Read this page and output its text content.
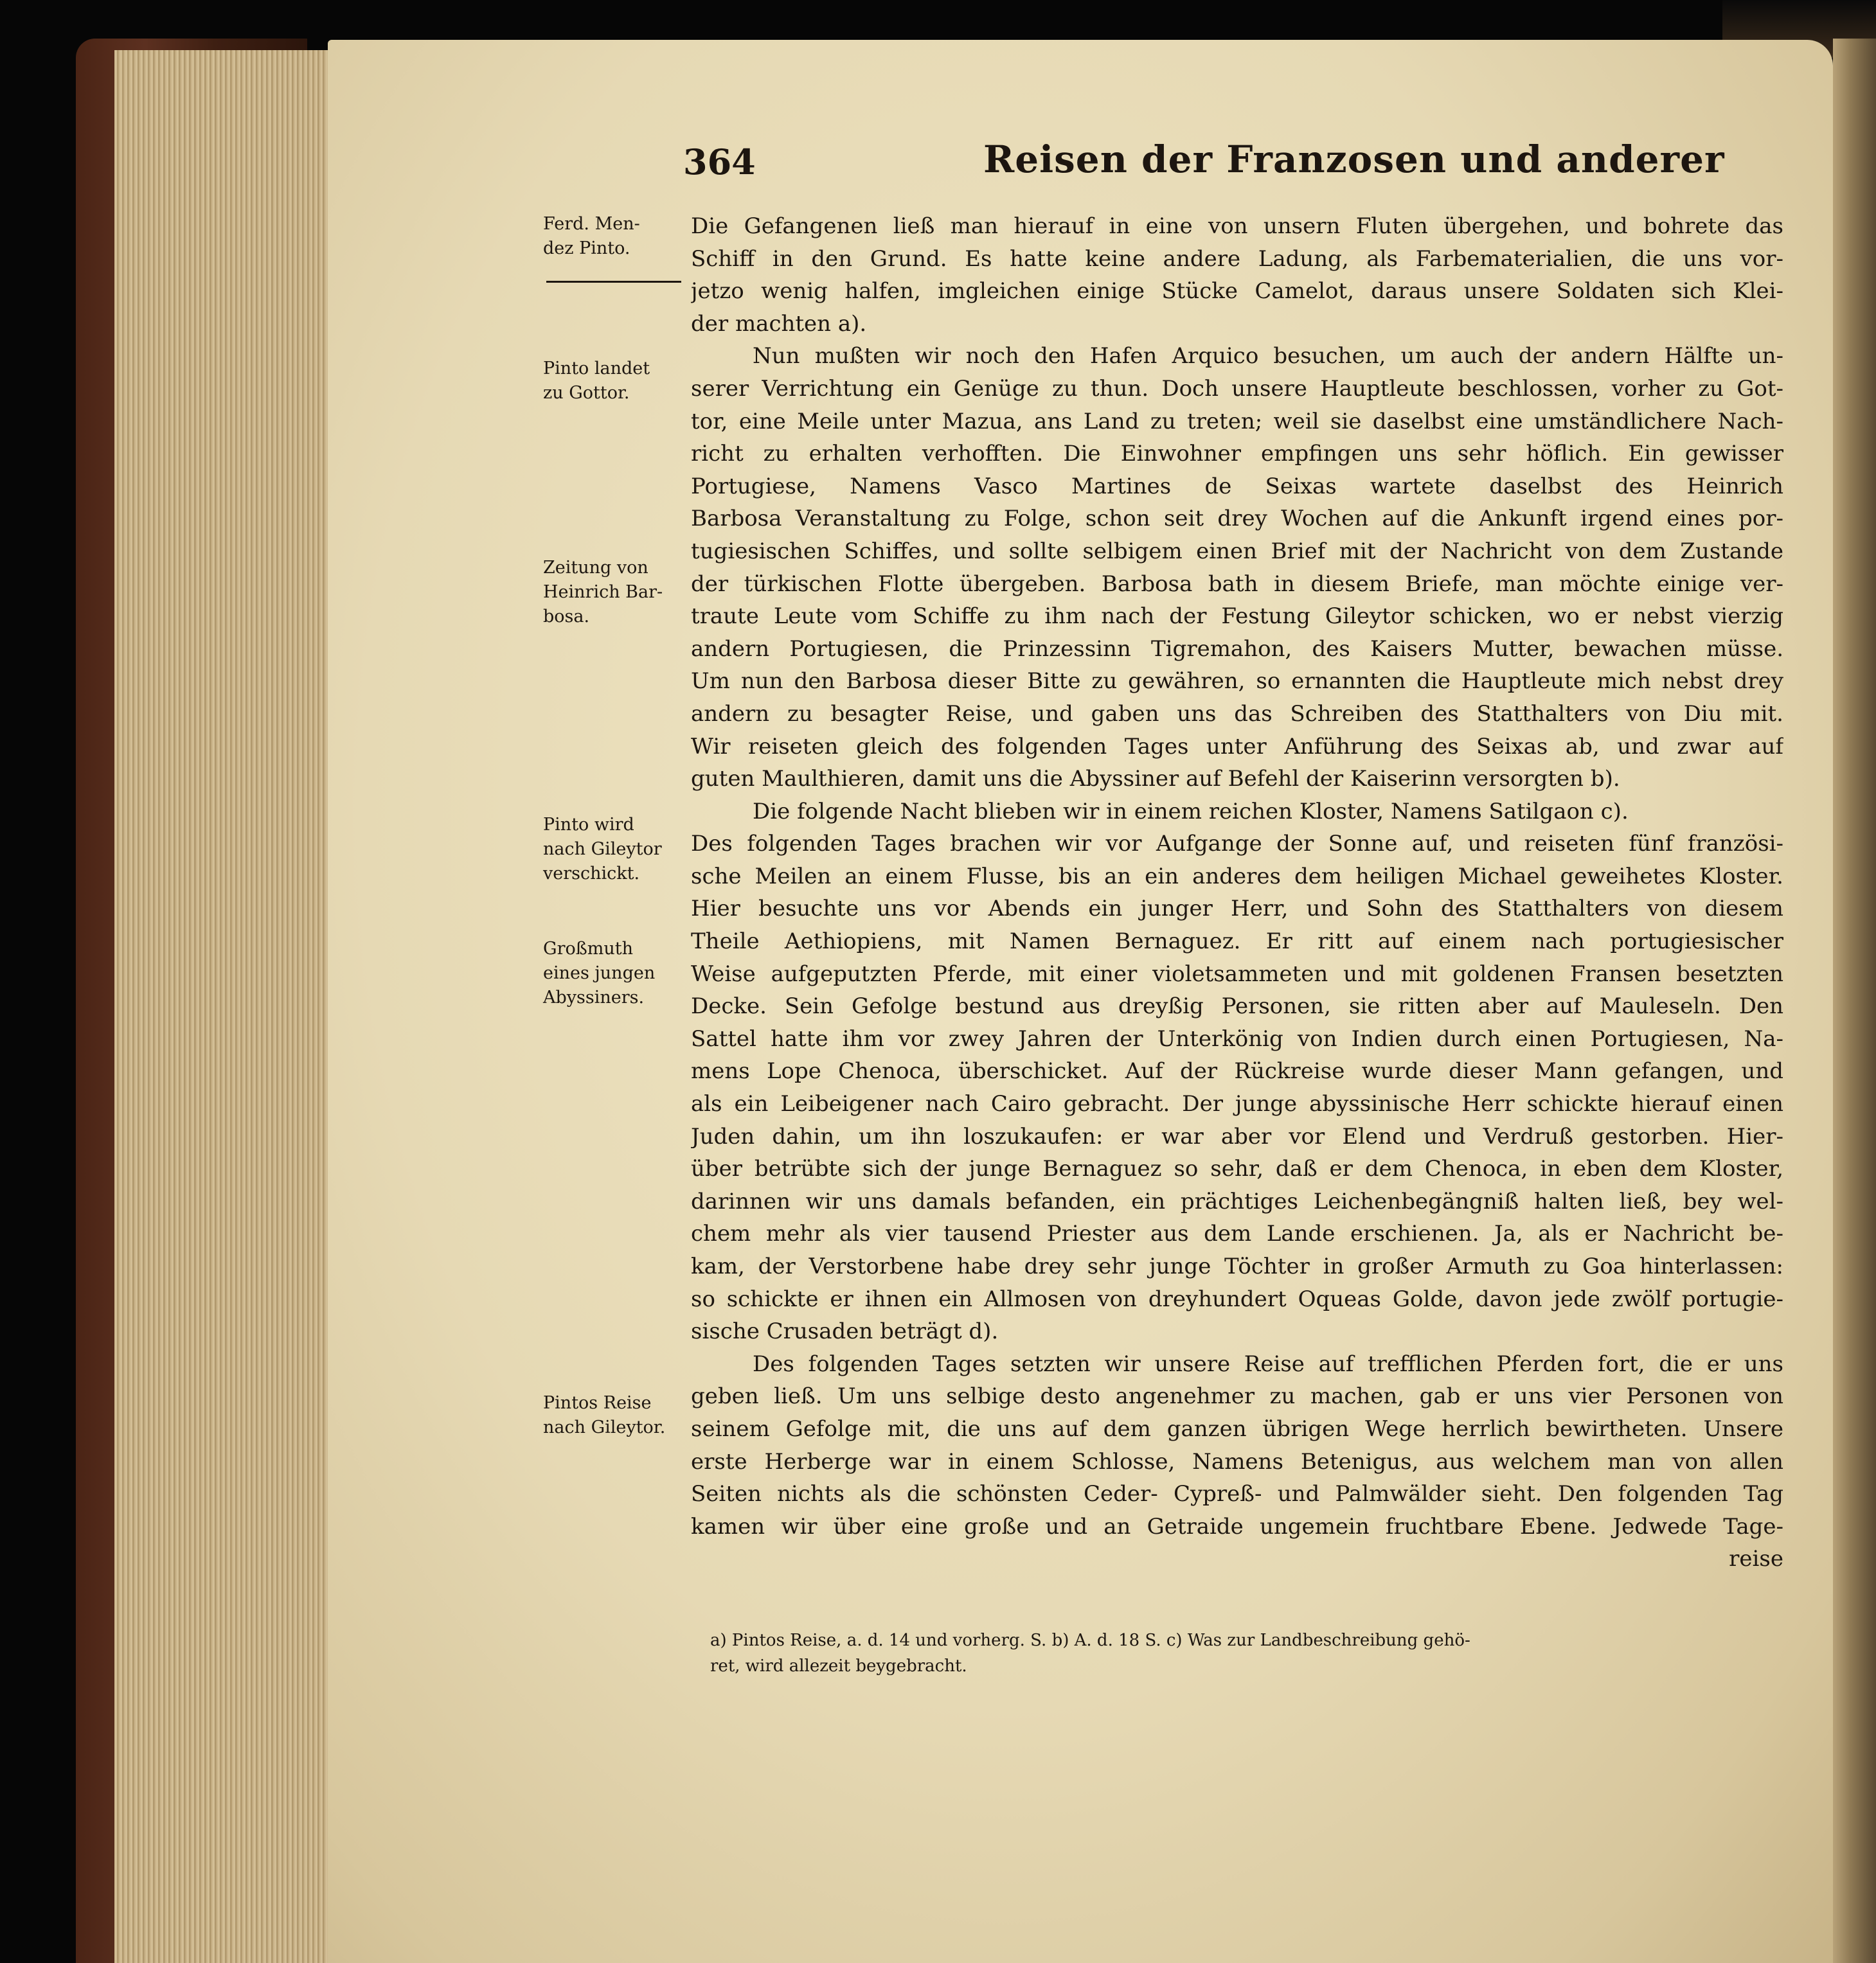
364	Reisen der Franzosen und anderer
Ferd. Men-
dez Pinto.
Pinto landet
zu Gottor.
Zeitung von
Heinrich Bar-
bosa.
Pinto wird
nach Gileytor
verschickt.
Großmuth
eines jungen
Abyssiners.
Pintos Reise
nach Gileytor.
Die Gefangenen ließ man hierauf in eine von unsern Fluten übergehen, und bohrete das
Schiff in den Grund. Es hatte keine andere Ladung, als Farbematerialien, die uns vor-
jetzo wenig halfen, imgleichen einige Stücke Camelot, daraus unsere Soldaten sich Klei-
der machten a).
Nun mußten wir noch den Hafen Arquico besuchen, um auch der andern Hälfte un-
serer Verrichtung ein Genüge zu thun. Doch unsere Hauptleute beschlossen, vorher zu Got-
tor, eine Meile unter Mazua, ans Land zu treten; weil sie daselbst eine umständlichere Nach-
richt zu erhalten verhofften. Die Einwohner empfingen uns sehr höflich. Ein gewisser
Portugiese, Namens Vasco Martines de Seixas wartete daselbst des Heinrich
Barbosa Veranstaltung zu Folge, schon seit drey Wochen auf die Ankunft irgend eines por-
tugiesischen Schiffes, und sollte selbigem einen Brief mit der Nachricht von dem Zustande
der türkischen Flotte übergeben. Barbosa bath in diesem Briefe, man möchte einige ver-
traute Leute vom Schiffe zu ihm nach der Festung Gileytor schicken, wo er nebst vierzig
andern Portugiesen, die Prinzessinn Tigremahon, des Kaisers Mutter, bewachen müsse.
Um nun den Barbosa dieser Bitte zu gewähren, so ernannten die Hauptleute mich nebst drey
andern zu besagter Reise, und gaben uns das Schreiben des Statthalters von Diu mit.
Wir reiseten gleich des folgenden Tages unter Anführung des Seixas ab, und zwar auf
guten Maulthieren, damit uns die Abyssiner auf Befehl der Kaiserinn versorgten b).
Die folgende Nacht blieben wir in einem reichen Kloster, Namens Satilgaon c).
Des folgenden Tages brachen wir vor Aufgange der Sonne auf, und reiseten fünf französi-
sche Meilen an einem Flusse, bis an ein anderes dem heiligen Michael geweihetes Kloster.
Hier besuchte uns vor Abends ein junger Herr, und Sohn des Statthalters von diesem
Theile Aethiopiens, mit Namen Bernaguez. Er ritt auf einem nach portugiesischer
Weise aufgeputzten Pferde, mit einer violetsammeten und mit goldenen Fransen besetzten
Decke. Sein Gefolge bestund aus dreyßig Personen, sie ritten aber auf Mauleseln. Den
Sattel hatte ihm vor zwey Jahren der Unterkönig von Indien durch einen Portugiesen, Na-
mens Lope Chenoca, überschicket. Auf der Rückreise wurde dieser Mann gefangen, und
als ein Leibeigener nach Cairo gebracht. Der junge abyssinische Herr schickte hierauf einen
Juden dahin, um ihn loszukaufen: er war aber vor Elend und Verdruß gestorben. Hier-
über betrübte sich der junge Bernaguez so sehr, daß er dem Chenoca, in eben dem Kloster,
darinnen wir uns damals befanden, ein prächtiges Leichenbegängniß halten ließ, bey wel-
chem mehr als vier tausend Priester aus dem Lande erschienen. Ja, als er Nachricht be-
kam, der Verstorbene habe drey sehr junge Töchter in großer Armuth zu Goa hinterlassen:
so schickte er ihnen ein Allmosen von dreyhundert Oqueas Golde, davon jede zwölf portugie-
sische Crusaden beträgt d).
Des folgenden Tages setzten wir unsere Reise auf trefflichen Pferden fort, die er uns
geben ließ. Um uns selbige desto angenehmer zu machen, gab er uns vier Personen von
seinem Gefolge mit, die uns auf dem ganzen übrigen Wege herrlich bewirtheten. Unsere
erste Herberge war in einem Schlosse, Namens Betenigus, aus welchem man von allen
Seiten nichts als die schönsten Ceder- Cypreß- und Palmwälder sieht. Den folgenden Tag
kamen wir über eine große und an Getraide ungemein fruchtbare Ebene. Jedwede Tage-
reise
a) Pintos Reise, a. d. 14 und vorherg. S. b) A. d. 18 S. c) Was zur Landbeschreibung gehö-
ret, wird allezeit beygebracht.
